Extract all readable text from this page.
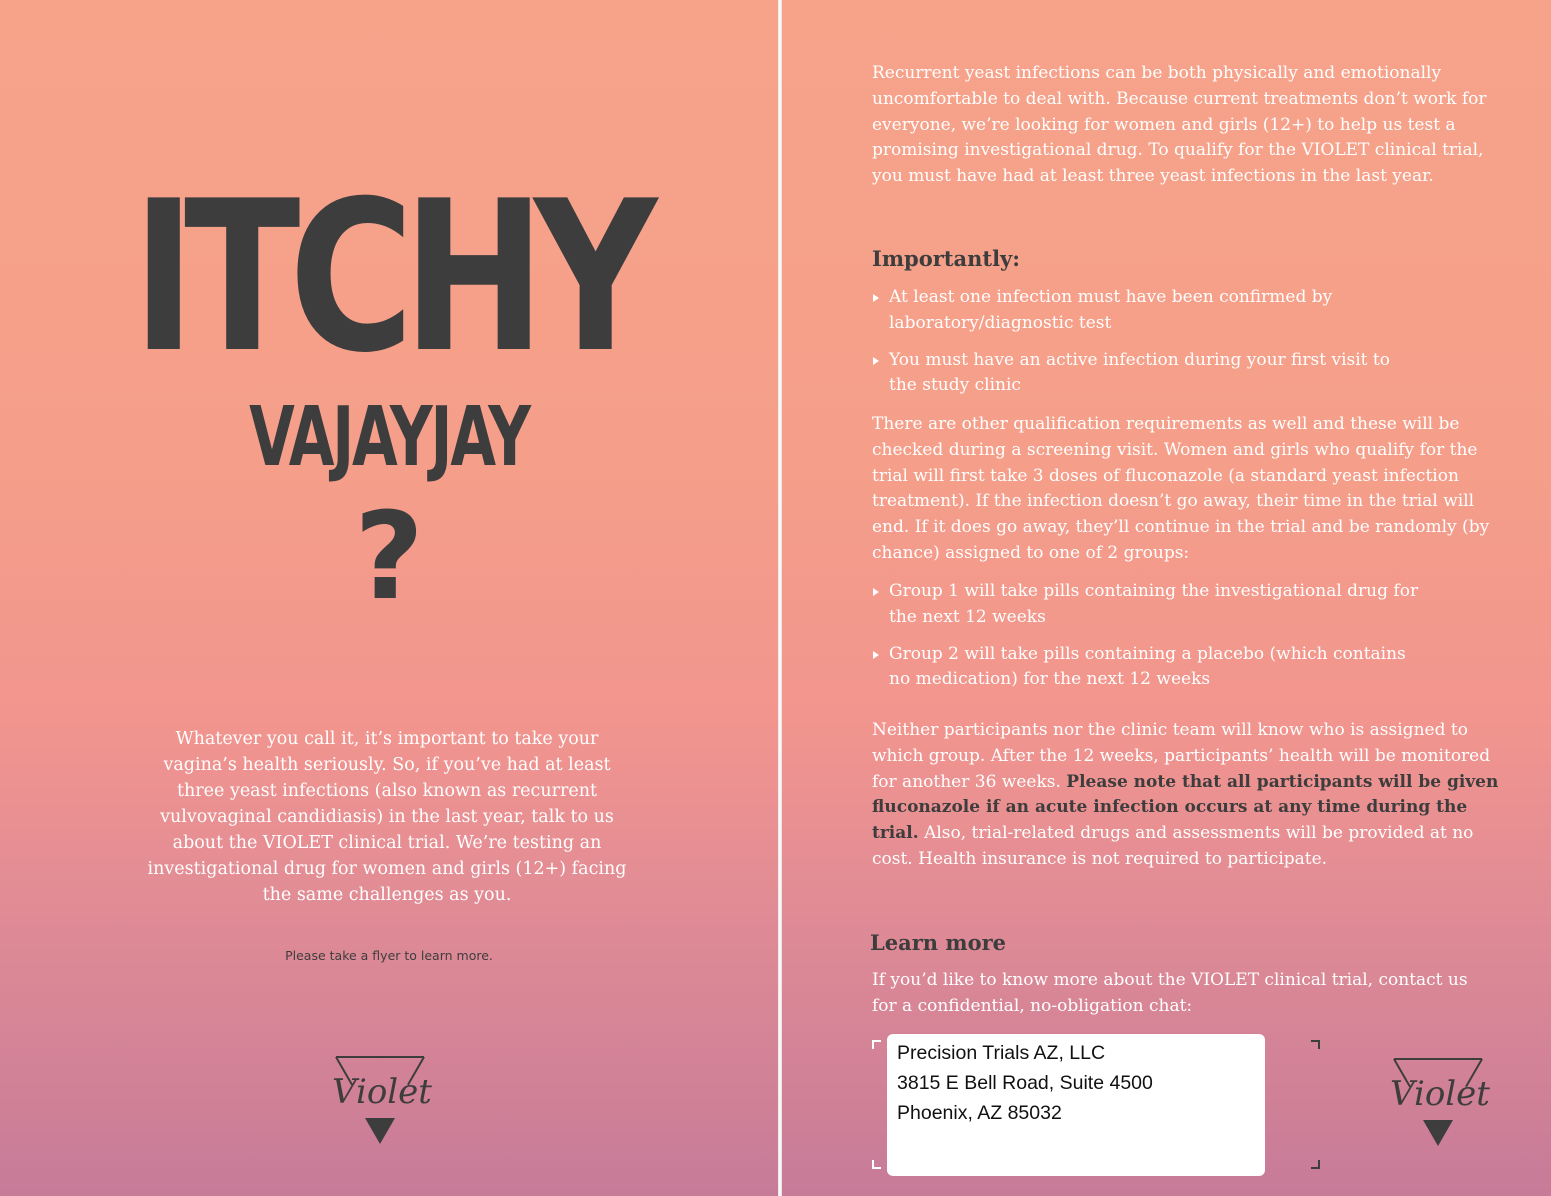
ITCHY
VAJAYJAY
?

Whatever you call it, it’s important to take your vagina’s health seriously. So, if you’ve had at least three yeast infections (also known as recurrent vulvovaginal candidiasis) in the last year, talk to us about the VIOLET clinical trial. We’re testing an investigational drug for women and girls (12+) facing the same challenges as you.

Please take a flyer to learn more.

Violet

Recurrent yeast infections can be both physically and emotionally uncomfortable to deal with. Because current treatments don’t work for everyone, we’re looking for women and girls (12+) to help us test a promising investigational drug. To qualify for the VIOLET clinical trial, you must have had at least three yeast infections in the last year.

Importantly:
At least one infection must have been confirmed by laboratory/diagnostic test
You must have an active infection during your first visit to the study clinic

There are other qualification requirements as well and these will be checked during a screening visit. Women and girls who qualify for the trial will first take 3 doses of fluconazole (a standard yeast infection treatment). If the infection doesn’t go away, their time in the trial will end. If it does go away, they’ll continue in the trial and be randomly (by chance) assigned to one of 2 groups:

Group 1 will take pills containing the investigational drug for the next 12 weeks
Group 2 will take pills containing a placebo (which contains no medication) for the next 12 weeks

Neither participants nor the clinic team will know who is assigned to which group. After the 12 weeks, participants’ health will be monitored for another 36 weeks. Please note that all participants will be given fluconazole if an acute infection occurs at any time during the trial. Also, trial-related drugs and assessments will be provided at no cost. Health insurance is not required to participate.

Learn more

If you’d like to know more about the VIOLET clinical trial, contact us for a confidential, no-obligation chat:

Precision Trials AZ, LLC
3815 E Bell Road, Suite 4500
Phoenix, AZ 85032	Violet
